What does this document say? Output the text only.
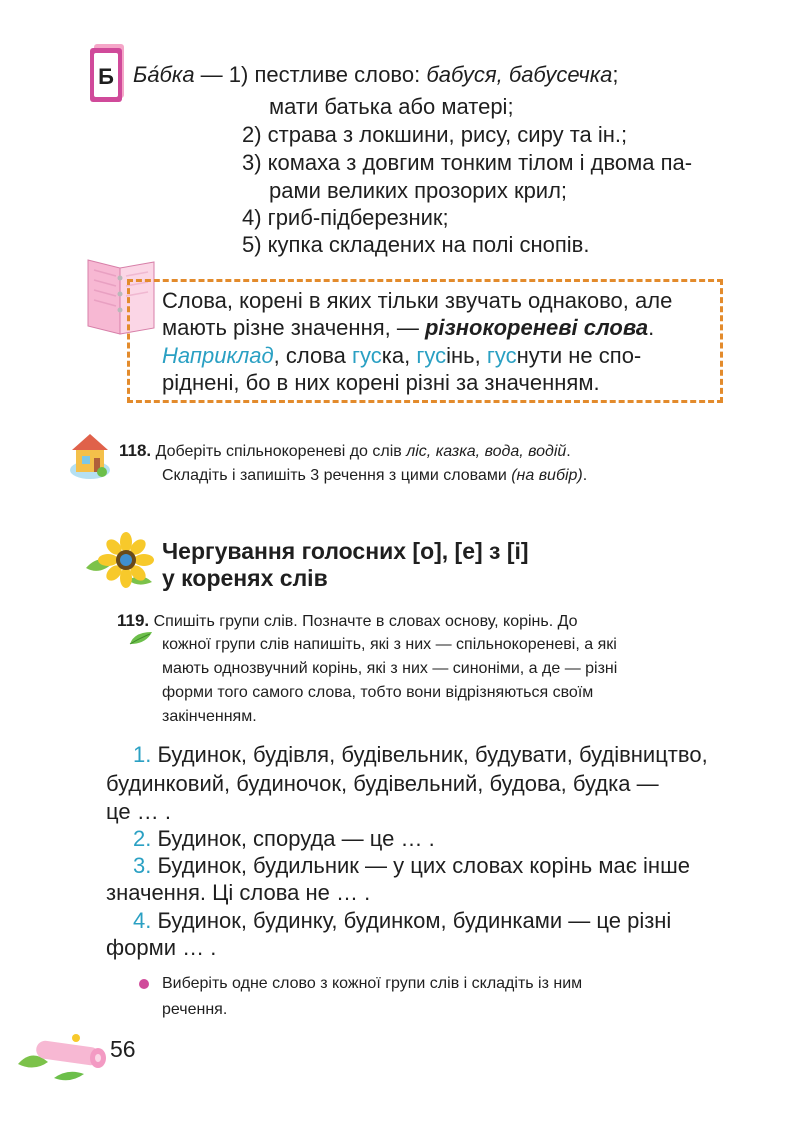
Б Ба́бка — 1) пестливе слово: бабуся, бабусечка;
мати батька або матері;
2) страва з локшини, рису, сиру та ін.;
3) комаха з довгим тонким тілом і двома па-
рами великих прозорих крил;
4) гриб-підберезник;
5) купка складених на полі снопів.
Слова, корені в яких тільки звучать однаково, але
мають різне значення, — різнокореневі слова.
Наприклад, слова гуска, гусінь, гуснути не спо-
ріднені, бо в них корені різні за значенням.
118. Доберіть спільнокореневі до слів ліс, казка, вода, водій.
Складіть і запишіть 3 речення з цими словами (на вибір).
Чергування голосних [о], [е] з [і]
у коренях слів
119. Спишіть групи слів. Позначте в словах основу, корінь. До
кожної групи слів напишіть, які з них — спільнокореневі, а які
мають однозвучний корінь, які з них — синоніми, а де — різні
форми того самого слова, тобто вони відрізняються своїм
закінченням.
1. Будинок, будівля, будівельник, будувати, будівництво,
будинковий, будиночок, будівельний, будова, будка —
це … .
2. Будинок, споруда — це … .
3. Будинок, будильник — у цих словах корінь має інше
значення. Ці слова не … .
4. Будинок, будинку, будинком, будинками — це різні
форми … .
Виберіть одне слово з кожної групи слів і складіть із ним
речення.
56
